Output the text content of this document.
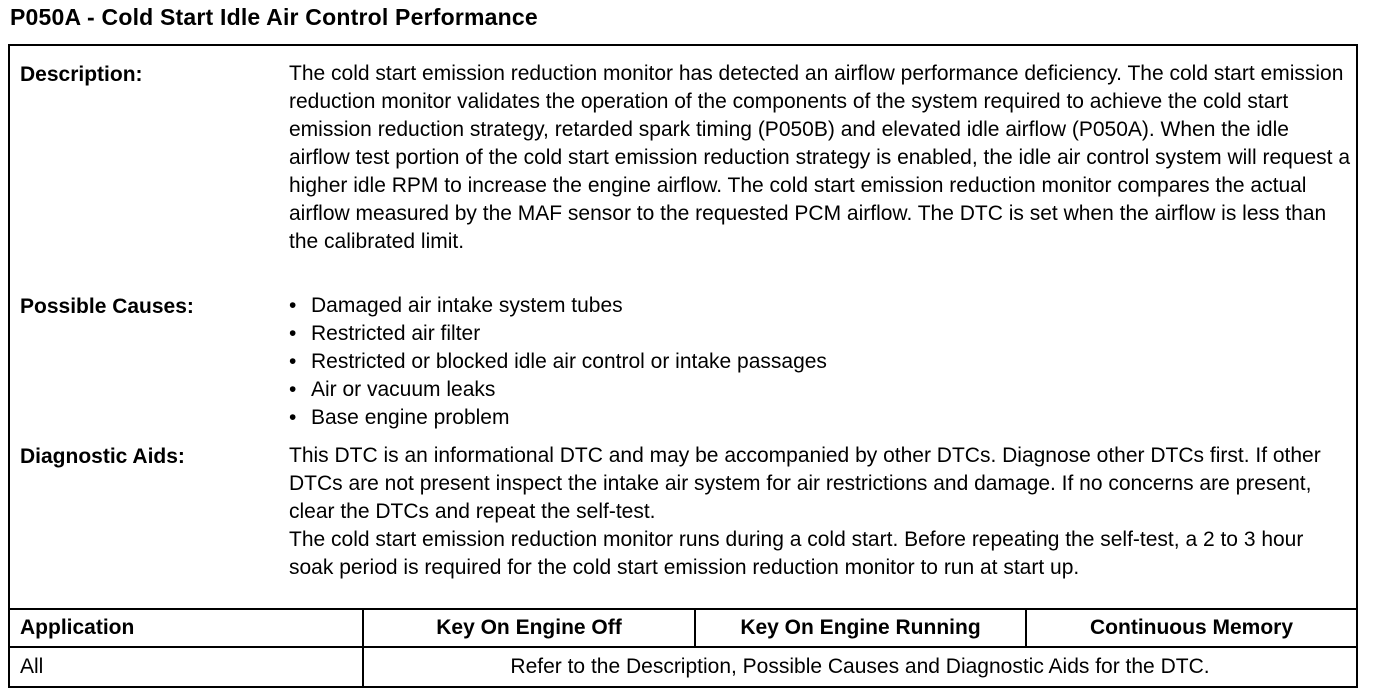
P050A - Cold Start Idle Air Control Performance
Description:	The cold start emission reduction monitor has detected an airflow performance deficiency. The cold start emission reduction monitor validates the operation of the components of the system required to achieve the cold start emission reduction strategy, retarded spark timing (P050B) and elevated idle airflow (P050A). When the idle airflow test portion of the cold start emission reduction strategy is enabled, the idle air control system will request a higher idle RPM to increase the engine airflow. The cold start emission reduction monitor compares the actual airflow measured by the MAF sensor to the requested PCM airflow. The DTC is set when the airflow is less than the calibrated limit.

Possible Causes:	• Damaged air intake system tubes
• Restricted air filter
• Restricted or blocked idle air control or intake passages
• Air or vacuum leaks
• Base engine problem
Diagnostic Aids:	This DTC is an informational DTC and may be accompanied by other DTCs. Diagnose other DTCs first. If other DTCs are not present inspect the intake air system for air restrictions and damage. If no concerns are present, clear the DTCs and repeat the self-test.

The cold start emission reduction monitor runs during a cold start. Before repeating the self-test, a 2 to 3 hour soak period is required for the cold start emission reduction monitor to run at start up.

Application	Key On Engine Off	Key On Engine Running	Continuous Memory
All	Refer to the Description, Possible Causes and Diagnostic Aids for the DTC.
